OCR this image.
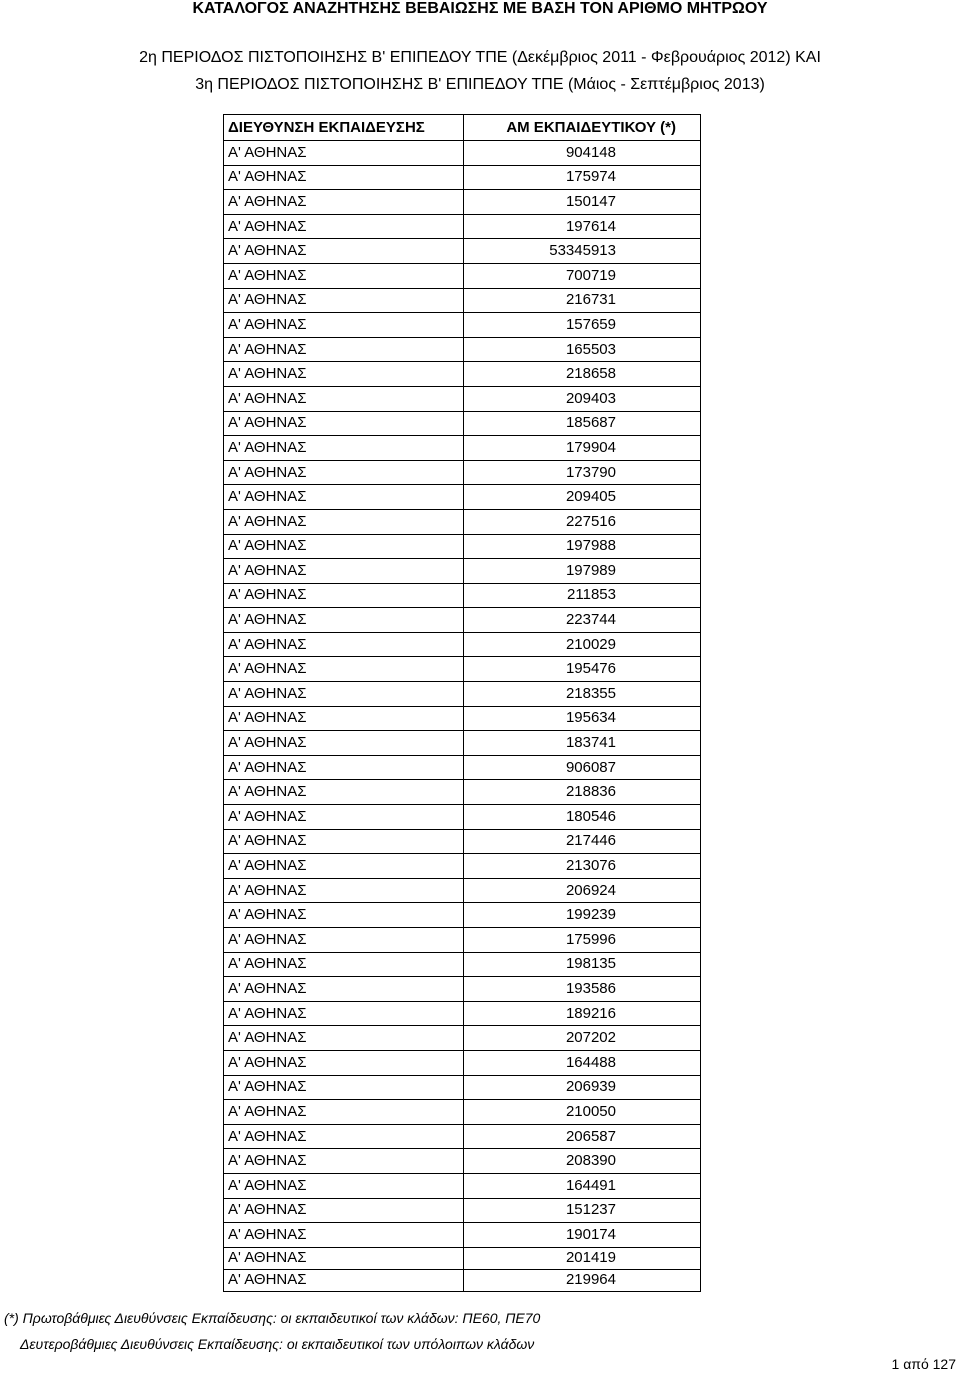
ΚΑΤΑΛΟΓΟΣ ΑΝΑΖΗΤΗΣΗΣ ΒΕΒΑΙΩΣΗΣ ΜΕ ΒΑΣΗ ΤΟΝ ΑΡΙΘΜΟ ΜΗΤΡΩΟΥ
2η ΠΕΡΙΟΔΟΣ ΠΙΣΤΟΠΟΙΗΣΗΣ Β' ΕΠΙΠΕΔΟΥ ΤΠΕ (Δεκέμβριος 2011 - Φεβρουάριος 2012) ΚΑΙ
3η ΠΕΡΙΟΔΟΣ ΠΙΣΤΟΠΟΙΗΣΗΣ Β' ΕΠΙΠΕΔΟΥ ΤΠΕ (Μάιος - Σεπτέμβριος 2013)
ΔΙΕΥΘΥΝΣΗ ΕΚΠΑΙΔΕΥΣΗΣ	ΑΜ ΕΚΠΑΙΔΕΥΤΙΚΟΥ (*)
Α' ΑΘΗΝΑΣ	904148
Α' ΑΘΗΝΑΣ	175974
Α' ΑΘΗΝΑΣ	150147
Α' ΑΘΗΝΑΣ	197614
Α' ΑΘΗΝΑΣ	53345913
Α' ΑΘΗΝΑΣ	700719
Α' ΑΘΗΝΑΣ	216731
Α' ΑΘΗΝΑΣ	157659
Α' ΑΘΗΝΑΣ	165503
Α' ΑΘΗΝΑΣ	218658
Α' ΑΘΗΝΑΣ	209403
Α' ΑΘΗΝΑΣ	185687
Α' ΑΘΗΝΑΣ	179904
Α' ΑΘΗΝΑΣ	173790
Α' ΑΘΗΝΑΣ	209405
Α' ΑΘΗΝΑΣ	227516
Α' ΑΘΗΝΑΣ	197988
Α' ΑΘΗΝΑΣ	197989
Α' ΑΘΗΝΑΣ	211853
Α' ΑΘΗΝΑΣ	223744
Α' ΑΘΗΝΑΣ	210029
Α' ΑΘΗΝΑΣ	195476
Α' ΑΘΗΝΑΣ	218355
Α' ΑΘΗΝΑΣ	195634
Α' ΑΘΗΝΑΣ	183741
Α' ΑΘΗΝΑΣ	906087
Α' ΑΘΗΝΑΣ	218836
Α' ΑΘΗΝΑΣ	180546
Α' ΑΘΗΝΑΣ	217446
Α' ΑΘΗΝΑΣ	213076
Α' ΑΘΗΝΑΣ	206924
Α' ΑΘΗΝΑΣ	199239
Α' ΑΘΗΝΑΣ	175996
Α' ΑΘΗΝΑΣ	198135
Α' ΑΘΗΝΑΣ	193586
Α' ΑΘΗΝΑΣ	189216
Α' ΑΘΗΝΑΣ	207202
Α' ΑΘΗΝΑΣ	164488
Α' ΑΘΗΝΑΣ	206939
Α' ΑΘΗΝΑΣ	210050
Α' ΑΘΗΝΑΣ	206587
Α' ΑΘΗΝΑΣ	208390
Α' ΑΘΗΝΑΣ	164491
Α' ΑΘΗΝΑΣ	151237
Α' ΑΘΗΝΑΣ	190174
Α' ΑΘΗΝΑΣ	201419
Α' ΑΘΗΝΑΣ	219964
(*) Πρωτοβάθμιες Διευθύνσεις Εκπαίδευσης: οι εκπαιδευτικοί των κλάδων: ΠΕ60, ΠΕ70
Δευτεροβάθμιες Διευθύνσεις Εκπαίδευσης: οι εκπαιδευτικοί των υπόλοιπων κλάδων
1 από 127
